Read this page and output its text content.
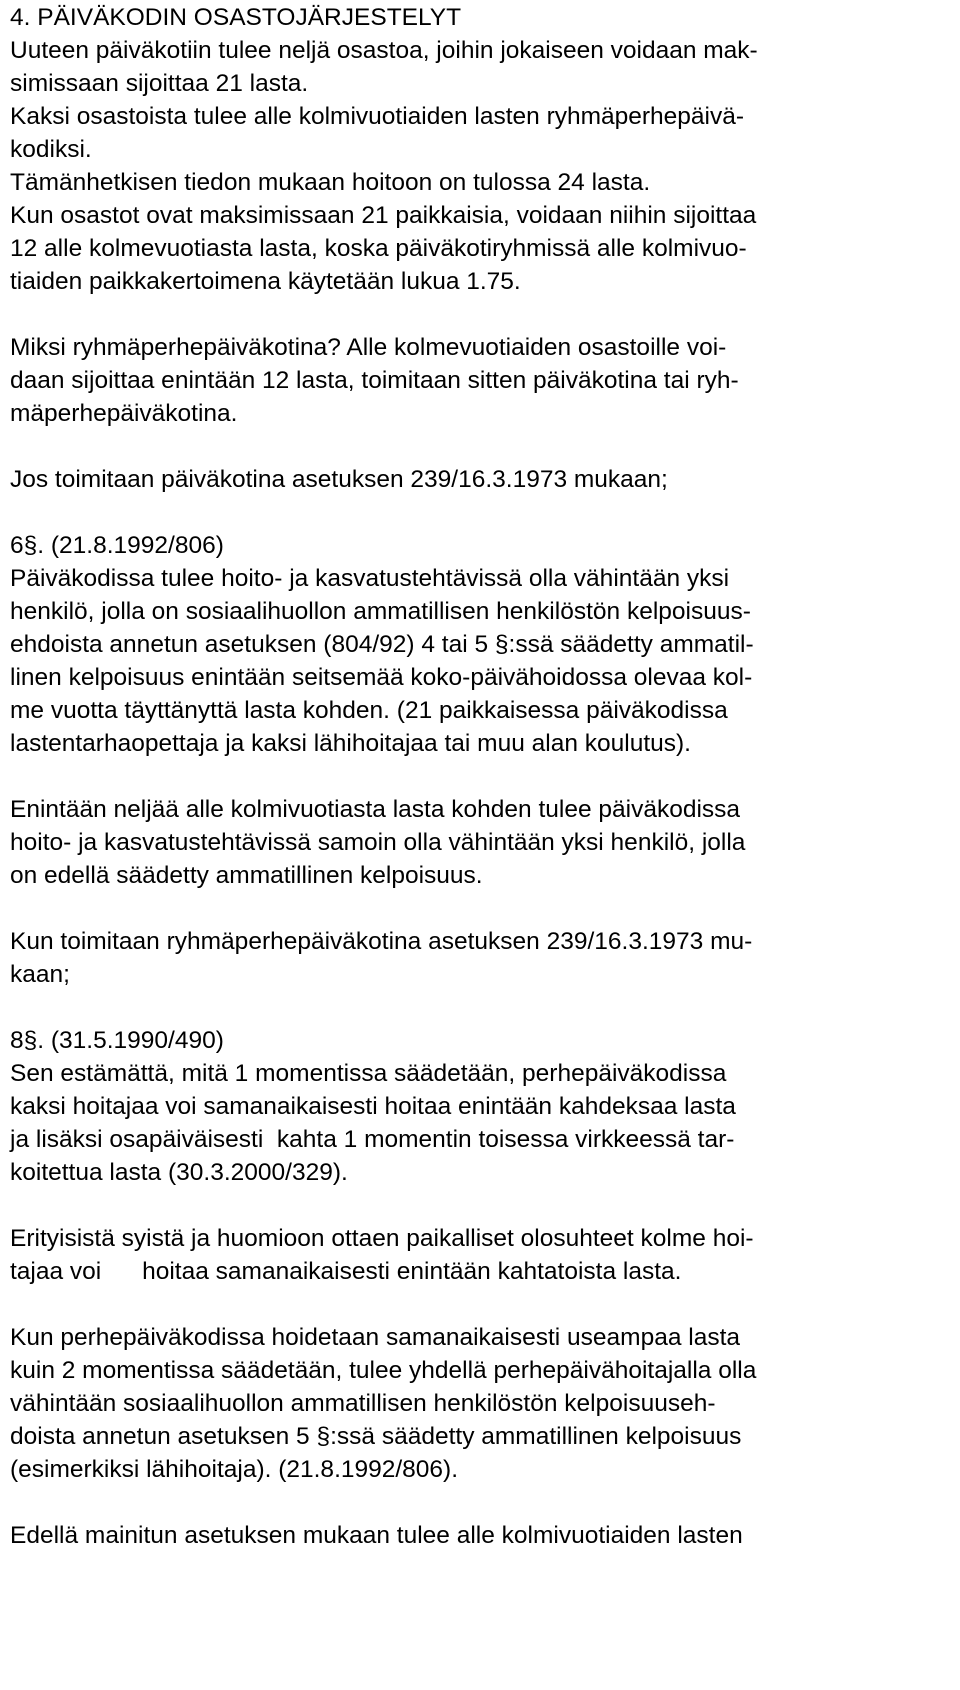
4. PÄIVÄKODIN OSASTOJÄRJESTELYT
Uuteen päiväkotiin tulee neljä osastoa, joihin jokaiseen voidaan mak-
simissaan sijoittaa 21 lasta.
Kaksi osastoista tulee alle kolmivuotiaiden lasten ryhmäperhepäivä-
kodiksi.
Tämänhetkisen tiedon mukaan hoitoon on tulossa 24 lasta.
Kun osastot ovat maksimissaan 21 paikkaisia, voidaan niihin sijoittaa
12 alle kolmevuotiasta lasta, koska päiväkotiryhmissä alle kolmivuo-
tiaiden paikkakertoimena käytetään lukua 1.75.
Miksi ryhmäperhepäiväkotina? Alle kolmevuotiaiden osastoille voi-
daan sijoittaa enintään 12 lasta, toimitaan sitten päiväkotina tai ryh-
mäperhepäiväkotina.
Jos toimitaan päiväkotina asetuksen 239/16.3.1973 mukaan;
6§. (21.8.1992/806)
Päiväkodissa tulee hoito- ja kasvatustehtävissä olla vähintään yksi
henkilö, jolla on sosiaalihuollon ammatillisen henkilöstön kelpoisuus-
ehdoista annetun asetuksen (804/92) 4 tai 5 §:ssä säädetty ammatil-
linen kelpoisuus enintään seitsemää koko-päivähoidossa olevaa kol-
me vuotta täyttänyttä lasta kohden. (21 paikkaisessa päiväkodissa
lastentarhaopettaja ja kaksi lähihoitajaa tai muu alan koulutus).
Enintään neljää alle kolmivuotiasta lasta kohden tulee päiväkodissa
hoito- ja kasvatustehtävissä samoin olla vähintään yksi henkilö, jolla
on edellä säädetty ammatillinen kelpoisuus.
Kun toimitaan ryhmäperhepäiväkotina asetuksen 239/16.3.1973 mu-
kaan;
8§. (31.5.1990/490)
Sen estämättä, mitä 1 momentissa säädetään, perhepäiväkodissa
kaksi hoitajaa voi samanaikaisesti hoitaa enintään kahdeksaa lasta
ja lisäksi osapäiväisesti  kahta 1 momentin toisessa virkkeessä tar-
koitettua lasta (30.3.2000/329).
Erityisistä syistä ja huomioon ottaen paikalliset olosuhteet kolme hoi-
tajaa voi      hoitaa samanaikaisesti enintään kahtatoista lasta.
Kun perhepäiväkodissa hoidetaan samanaikaisesti useampaa lasta
kuin 2 momentissa säädetään, tulee yhdellä perhepäivähoitajalla olla
vähintään sosiaalihuollon ammatillisen henkilöstön kelpoisuuseh-
doista annetun asetuksen 5 §:ssä säädetty ammatillinen kelpoisuus
(esimerkiksi lähihoitaja). (21.8.1992/806).
Edellä mainitun asetuksen mukaan tulee alle kolmivuotiaiden lasten
